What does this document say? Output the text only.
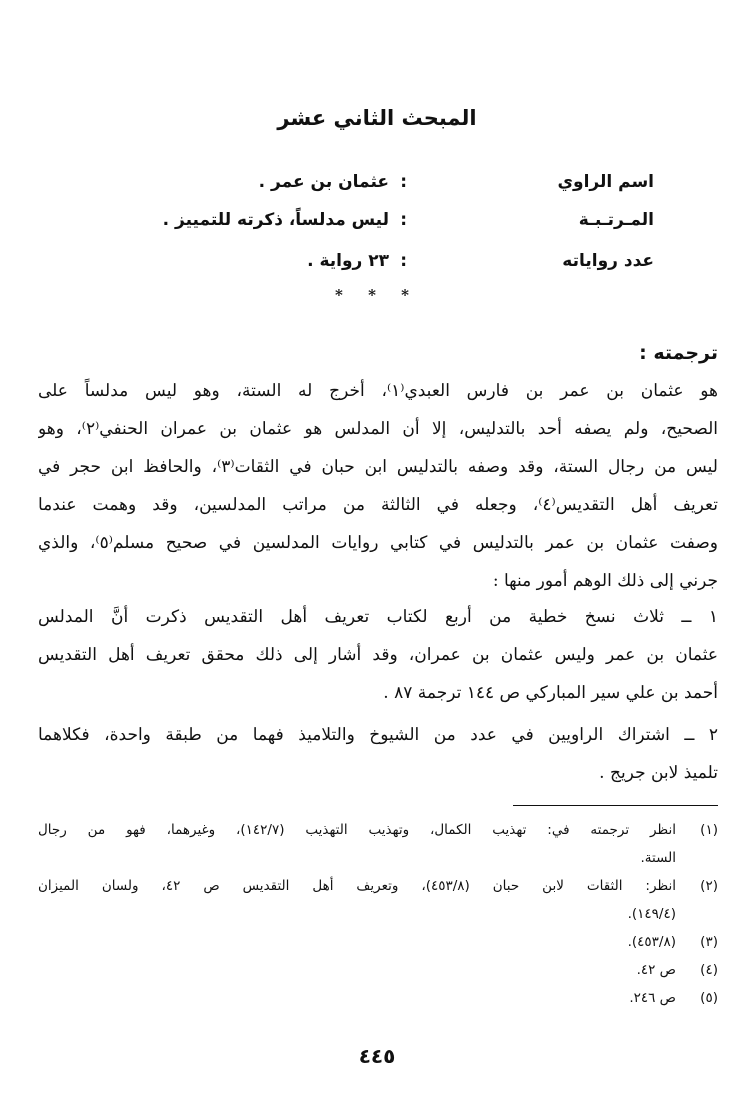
المبحث الثاني عشر
اسم الراوي
:
عثمان بن عمر .
المـرتـبـة
:
ليس مدلساً، ذكرته للتمييز .
عدد رواياته
:
٢٣ رواية .
* * *
ترجمته :
هو عثمان بن عمر بن فارس العبدي⁽١⁾، أخرج له الستة، وهو ليس مدلساً على
الصحيح، ولم يصفه أحد بالتدليس، إلا أن المدلس هو عثمان بن عمران الحنفي⁽٢⁾، وهو
ليس من رجال الستة، وقد وصفه بالتدليس ابن حبان في الثقات⁽٣⁾، والحافظ ابن حجر في
تعريف أهل التقديس⁽٤⁾، وجعله في الثالثة من مراتب المدلسين، وقد وهمت عندما
وصفت عثمان بن عمر بالتدليس في كتابي روايات المدلسين في صحيح مسلم⁽٥⁾، والذي
جرني إلى ذلك الوهم أمور منها :
١ ــ ثلاث نسخ خطية من أربع لكتاب تعريف أهل التقديس ذكرت أنَّ المدلس
عثمان بن عمر وليس عثمان بن عمران، وقد أشار إلى ذلك محقق تعريف أهل التقديس
أحمد بن علي سير المباركي ص ١٤٤ ترجمة ٨٧ .
٢ ــ اشتراك الراويين في عدد من الشيوخ والتلاميذ فهما من طبقة واحدة، فكلاهما
تلميذ لابن جريج .
(١)
انظر ترجمته في: تهذيب الكمال، وتهذيب التهذيب (١٤٢/٧)، وغيرهما، فهو من رجال
الستة.
(٢)
انظر: الثقات لابن حبان (٤٥٣/٨)، وتعريف أهل التقديس ص ٤٢، ولسان الميزان
(١٤٩/٤).
(٣)
(٤٥٣/٨).
(٤)
ص ٤٢.
(٥)
ص ٢٤٦.
٤٤٥
